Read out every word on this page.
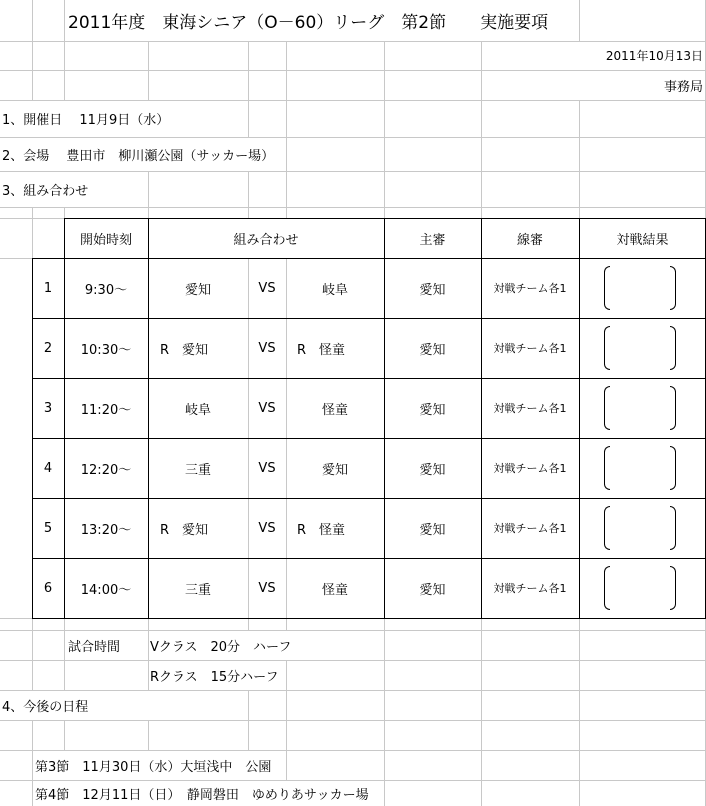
2011年度　東海シニア（O－60）リーグ　第2節　　実施要項
2011年10月13日
事務局
1、開催日　 11月9日（水）
2、会場　 豊田市　柳川瀬公園（サッカー場）
3、組み合わせ
開始時刻	組み合わせ	主審	線審	対戦結果
1	9:30～	愛知	VS	岐阜	愛知	対戦チーム各1
2	10:30～	R　愛知	VS	R　怪童	愛知	対戦チーム各1
3	11:20～	岐阜	VS	怪童	愛知	対戦チーム各1
4	12:20～	三重	VS	愛知	愛知	対戦チーム各1
5	13:20～	R　愛知	VS	R　怪童	愛知	対戦チーム各1
6	14:00～	三重	VS	怪童	愛知	対戦チーム各1
試合時間 Vクラス　20分　ハーフ
Rクラス　15分ハーフ
4、今後の日程
第3節　11月30日（水）大垣浅中　公園
第4節　12月11日（日）　静岡磐田　ゆめりあサッカー場
